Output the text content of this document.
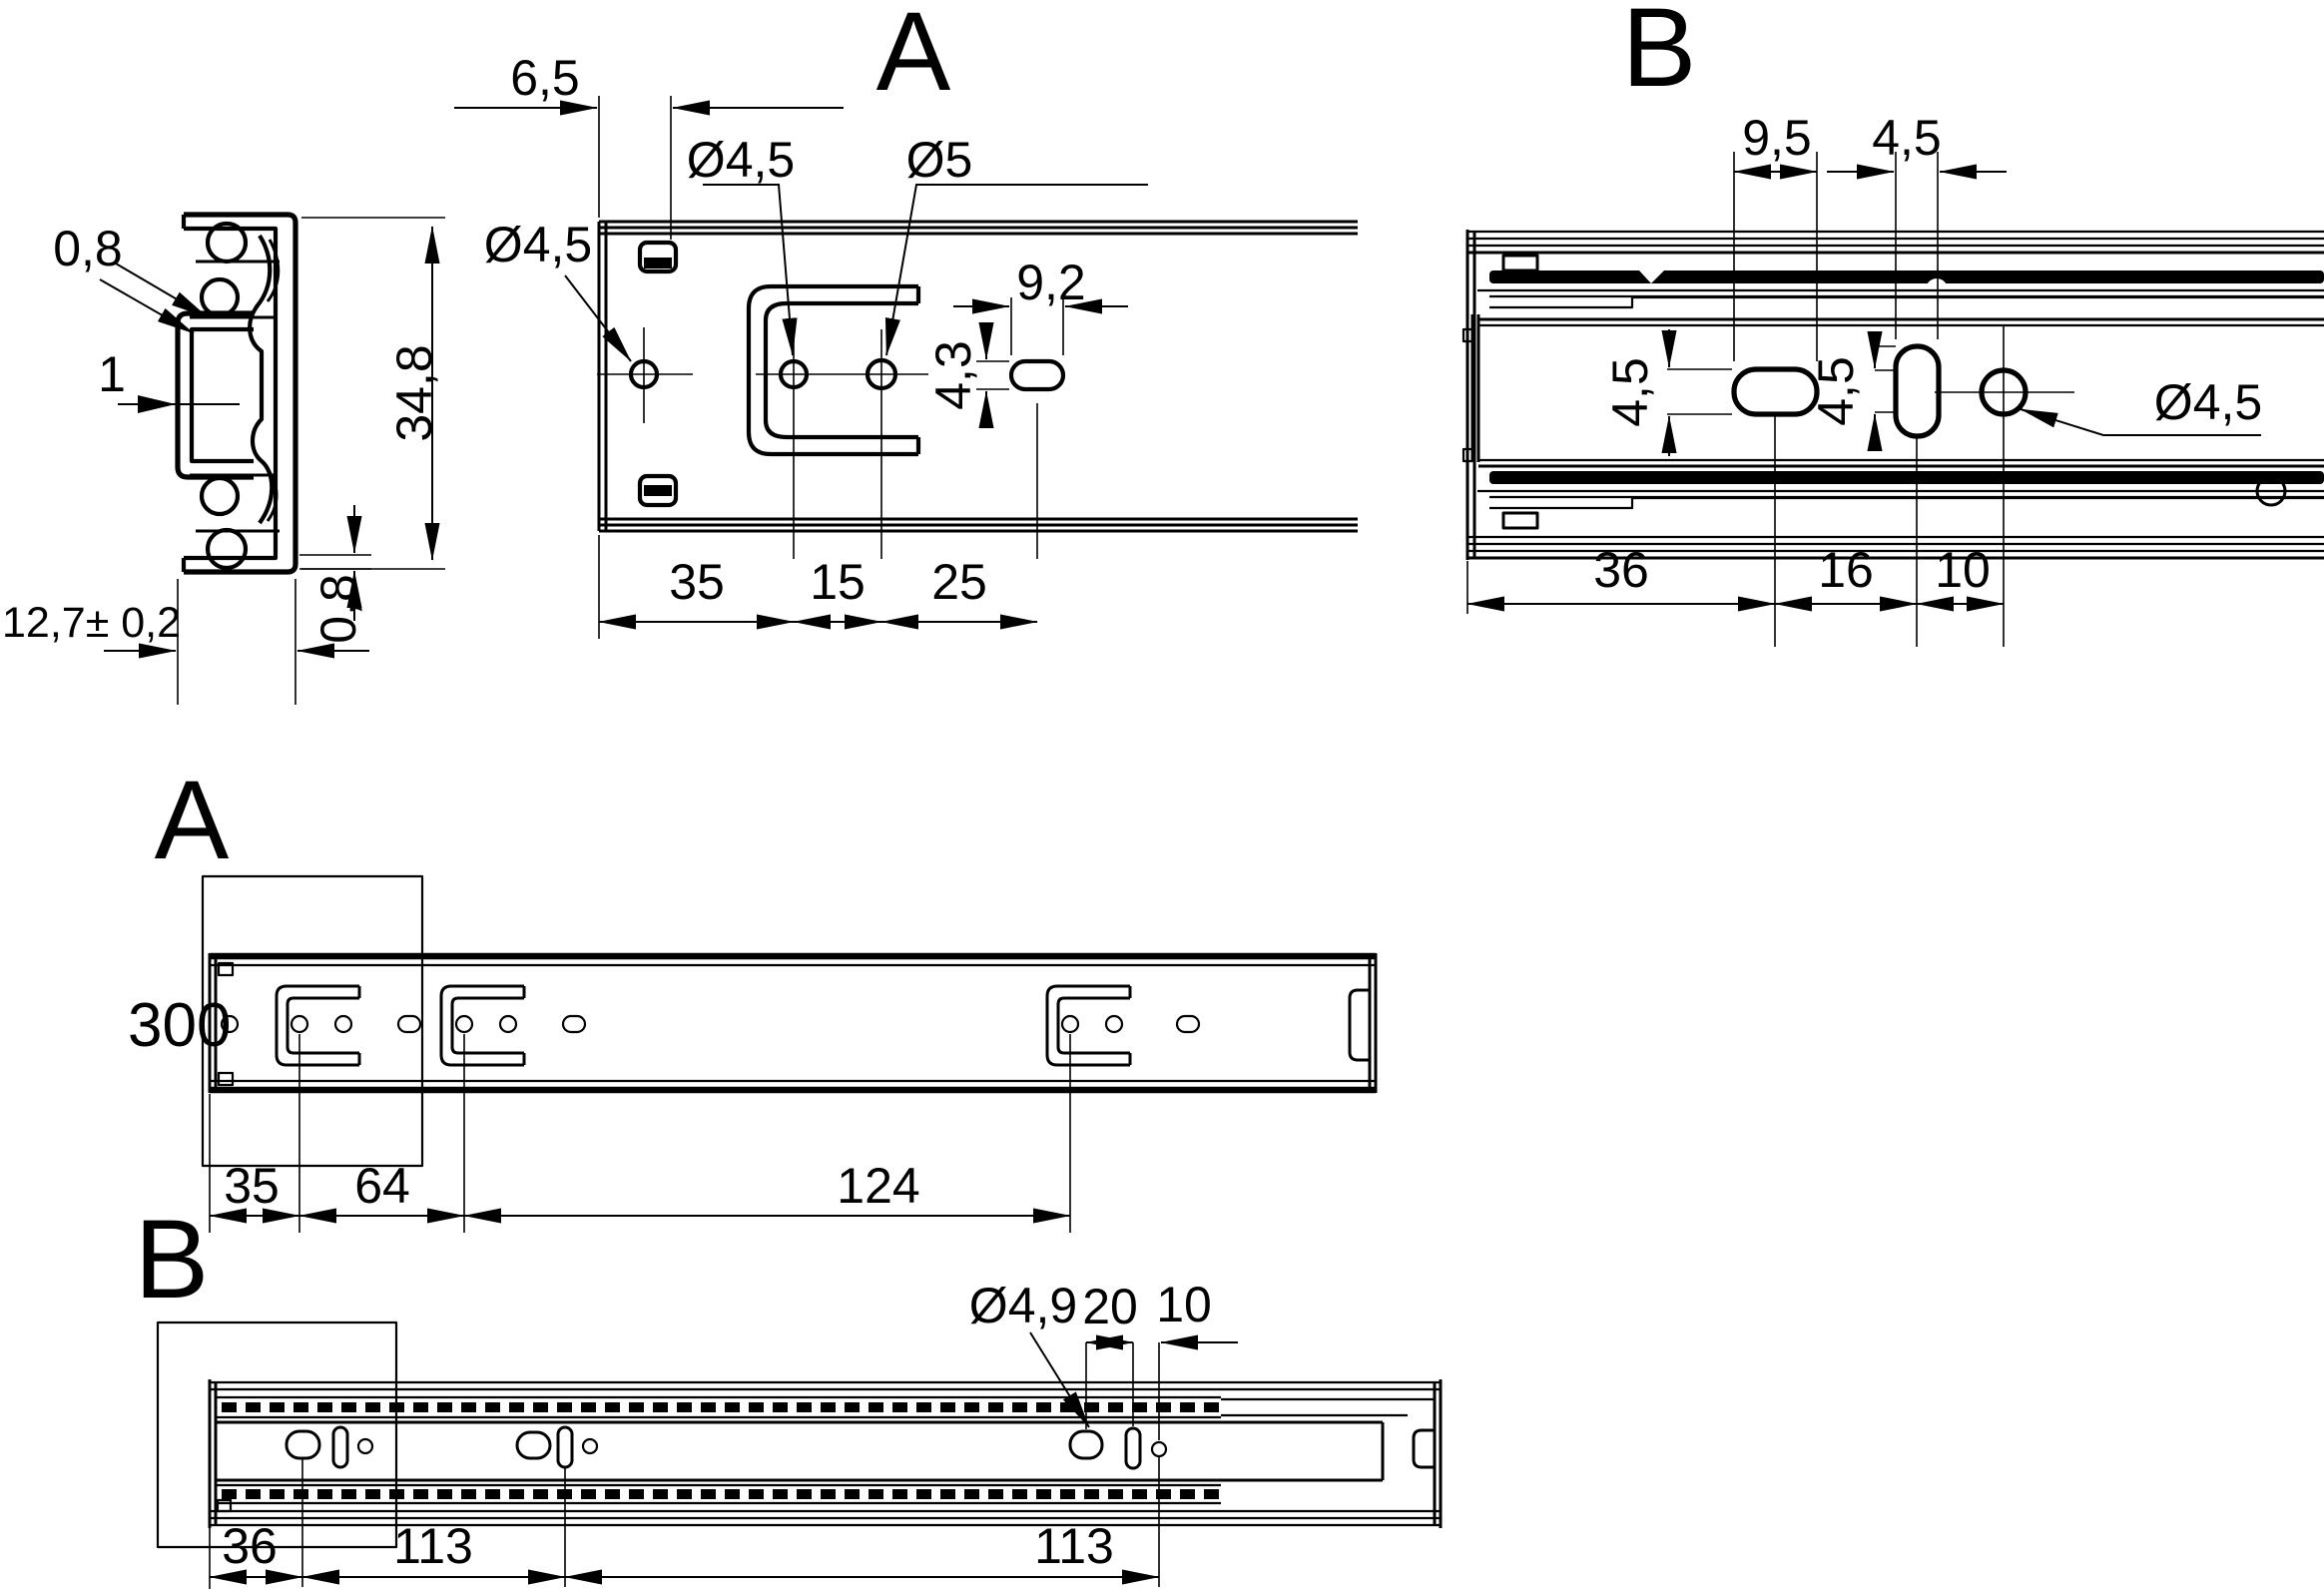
0,8
1	34,8
0,8
12,7± 0,2
A
6,5
Ø4,5
Ø4,5 Ø5
9,2
4,3
35 15 25
B
9,5 4,5
4,5	4,5	Ø4,5
36	16 10
A
300
35 64	124
B	Ø4,9 20 10
36 113	113
